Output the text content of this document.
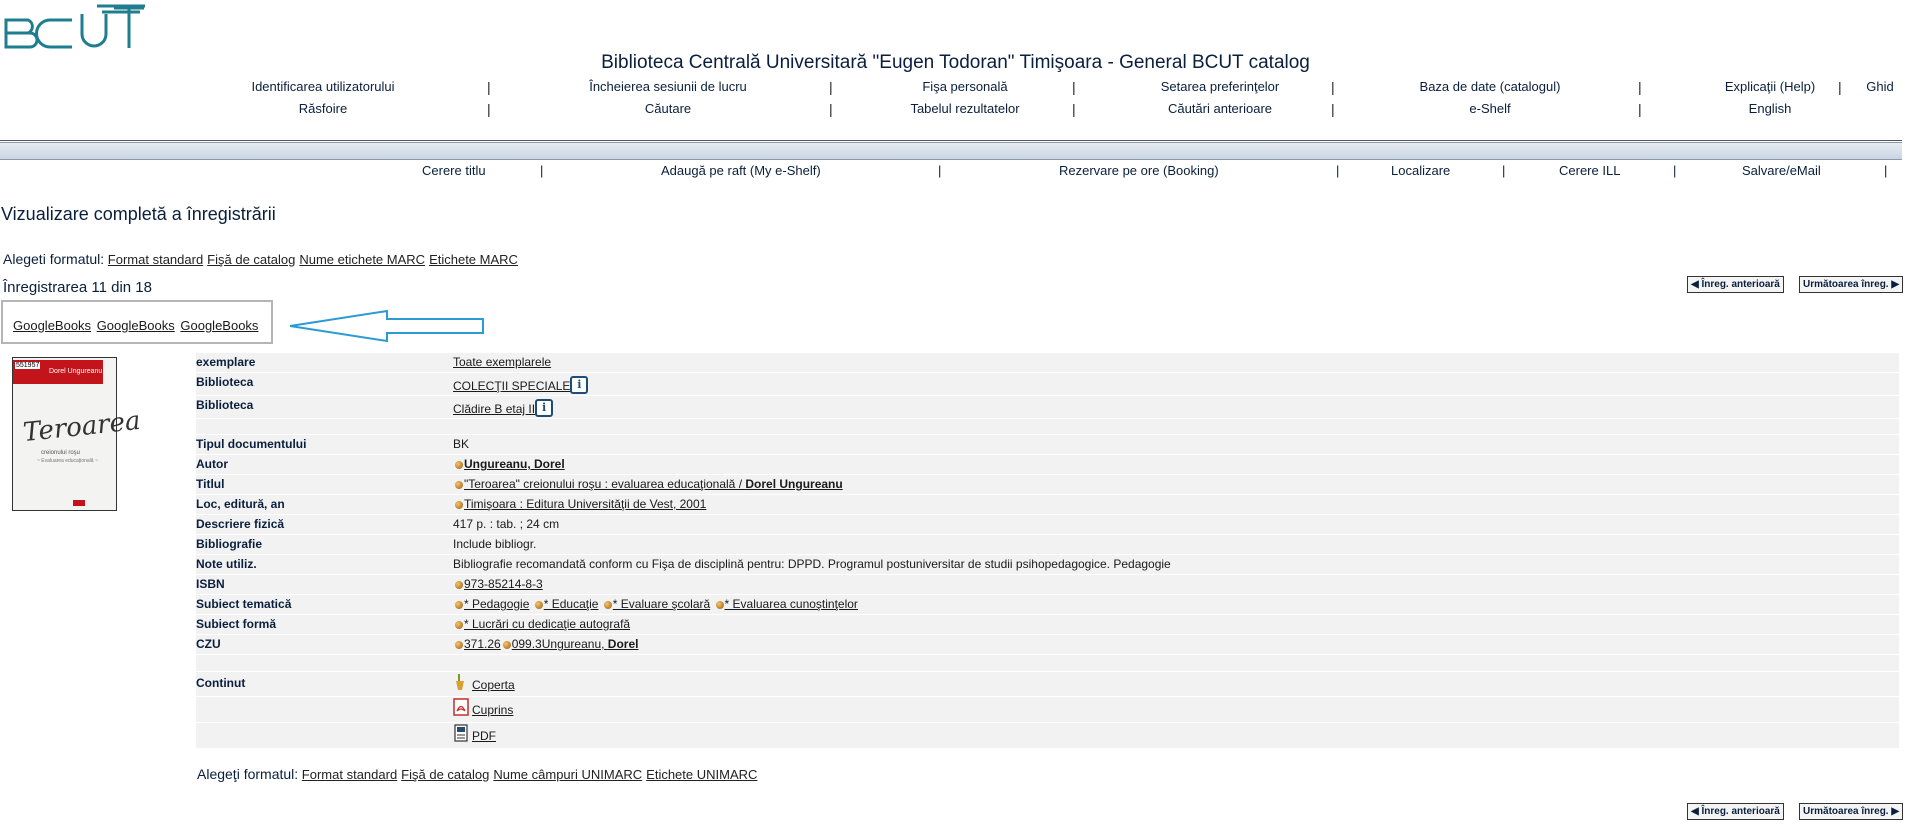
Biblioteca Centrală Universitară "Eugen Todoran" Timişoara - General BCUT catalog
Identificarea utilizatorului	|	Încheierea sesiunii de lucru	|	Fişa personală	|	Setarea preferinţelor	|	Baza de date (catalogul)	|	Explicaţii (Help)	|	Ghid
Răsfoire	|	Căutare	|	Tabelul rezultatelor	|	Căutări anterioare	|	e-Shelf	|	English
Cerere titlu	|	Adaugă pe raft (My e-Shelf)	|	Rezervare pe ore (Booking)	|	Localizare	|	Cerere ILL	|	Salvare/eMail	|
Vizualizare completă a înregistrării
Alegeti formatul: Format standard Fişă de catalog Nume etichete MARC Etichete MARC
Înregistrarea 11 din 18	◀ Înreg. anterioară	Următoarea înreg. ▶
GoogleBooks GoogleBooks GoogleBooks
551957
Dorel Ungureanu
Teroarea
creionului roşu
~ Evaluarea educaţională ~
exemplare	Toate exemplarele
Biblioteca	COLECŢII SPECIALE i
Biblioteca	Clădire B etaj II i
Tipul documentului	BK
Autor	Ungureanu, Dorel
Titlul	"Teroarea" creionului roşu : evaluarea educaţională / Dorel Ungureanu
Loc, editură, an	Timişoara : Editura Universităţii de Vest, 2001
Descriere fizică	417 p. : tab. ; 24 cm
Bibliografie	Include bibliogr.
Note utiliz.	Bibliografie recomandată conform cu Fişa de disciplină pentru: DPPD. Programul postuniversitar de studii psihopedagogice. Pedagogie
ISBN	973-85214-8-3
Subiect tematică	* Pedagogie * Educaţie * Evaluare şcolară * Evaluarea cunoştinţelor
Subiect formă	* Lucrări cu dedicaţie autografă
CZU	371.26 099.3Ungureanu, Dorel
Continut	Coperta
Cuprins
PDF
Alegeţi formatul: Format standard Fişă de catalog Nume câmpuri UNIMARC Etichete UNIMARC
◀ Înreg. anterioară	Următoarea înreg. ▶
